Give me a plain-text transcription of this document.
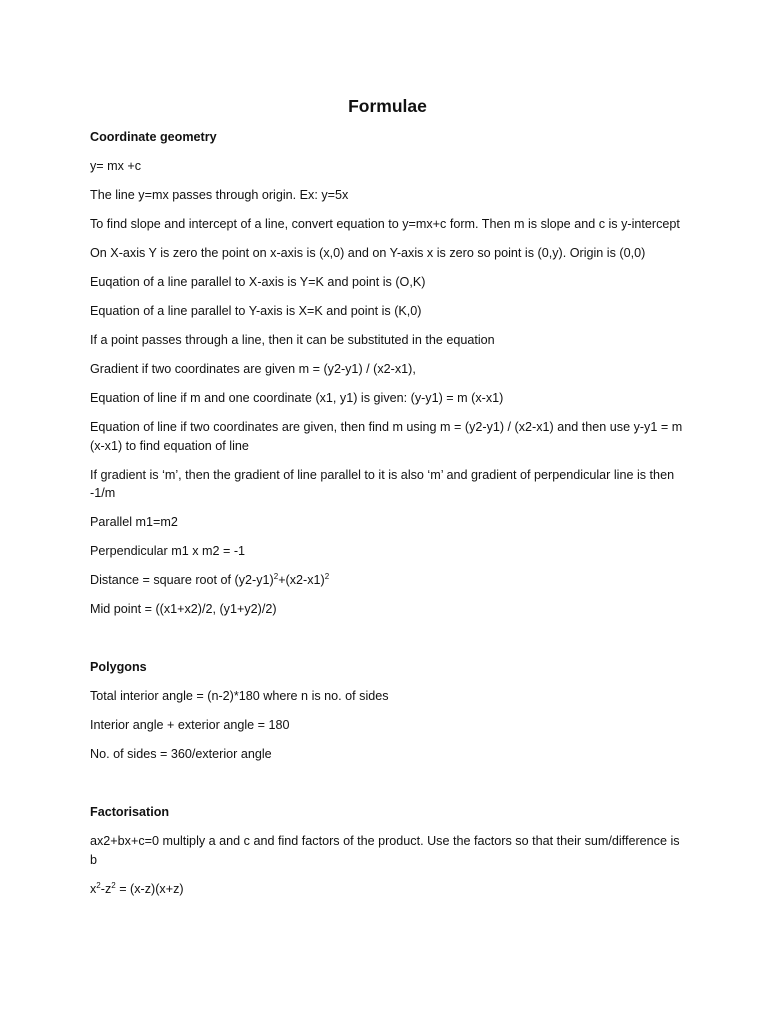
Formulae
Coordinate geometry
y= mx +c
The line y=mx passes through origin. Ex: y=5x
To find slope and intercept of a line, convert equation to y=mx+c form. Then m is slope and c is y-intercept
On X-axis Y is zero the point on x-axis is (x,0) and on Y-axis x is zero so point is (0,y). Origin is (0,0)
Euqation of a line parallel to X-axis is Y=K and point is (O,K)
Equation of a line parallel to Y-axis is X=K and point is (K,0)
If a point passes through a line, then it can be substituted in the equation
Gradient if two coordinates are given m = (y2-y1) / (x2-x1),
Equation of line if m and one coordinate (x1, y1) is given: (y-y1) = m (x-x1)
Equation of line if two coordinates are given, then find m using m = (y2-y1) / (x2-x1) and then use y-y1 = m (x-x1) to find equation of line
If gradient is ‘m’, then the gradient of line parallel to it is also ‘m’ and gradient of perpendicular line is then -1/m
Parallel m1=m2
Perpendicular m1 x m2 = -1
Distance = square root of $(y2-y1)^2+(x2-x1)^2$
Mid point = ((x1+x2)/2, (y1+y2)/2)
Polygons
Total interior angle = (n-2)*180 where n is no. of sides
Interior angle + exterior angle = 180
No. of sides = 360/exterior angle
Factorisation
ax2+bx+c=0 multiply a and c and find factors of the product. Use the factors so that their sum/difference is b
$x^2-z^2 = (x-z)(x+z)$
